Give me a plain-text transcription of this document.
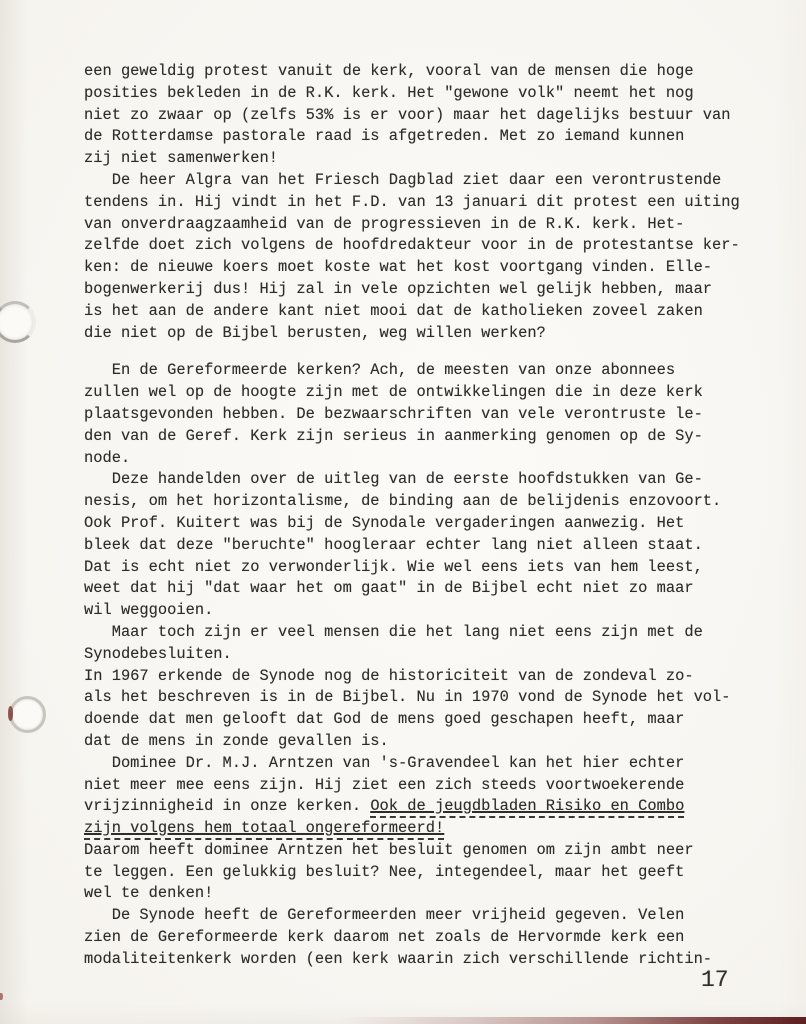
een geweldig protest vanuit de kerk, vooral van de mensen die hoge
posities bekleden in de R.K. kerk. Het "gewone volk" neemt het nog
niet zo zwaar op (zelfs 53% is er voor) maar het dagelijks bestuur van
de Rotterdamse pastorale raad is afgetreden. Met zo iemand kunnen
zij niet samenwerken!
De heer Algra van het Friesch Dagblad ziet daar een verontrustende
tendens in. Hij vindt in het F.D. van 13 januari dit protest een uiting
van onverdraagzaamheid van de progressieven in de R.K. kerk. Het-
zelfde doet zich volgens de hoofdredakteur voor in de protestantse ker-
ken: de nieuwe koers moet koste wat het kost voortgang vinden. Elle-
bogenwerkerij dus! Hij zal in vele opzichten wel gelijk hebben, maar
is het aan de andere kant niet mooi dat de katholieken zoveel zaken
die niet op de Bijbel berusten, weg willen werken?
En de Gereformeerde kerken? Ach, de meesten van onze abonnees
zullen wel op de hoogte zijn met de ontwikkelingen die in deze kerk
plaatsgevonden hebben. De bezwaarschriften van vele verontruste le-
den van de Geref. Kerk zijn serieus in aanmerking genomen op de Sy-
node.
Deze handelden over de uitleg van de eerste hoofdstukken van Ge-
nesis, om het horizontalisme, de binding aan de belijdenis enzovoort.
Ook Prof. Kuitert was bij de Synodale vergaderingen aanwezig. Het
bleek dat deze "beruchte" hoogleraar echter lang niet alleen staat.
Dat is echt niet zo verwonderlijk. Wie wel eens iets van hem leest,
weet dat hij "dat waar het om gaat" in de Bijbel echt niet zo maar
wil weggooien.
Maar toch zijn er veel mensen die het lang niet eens zijn met de
Synodebesluiten.
In 1967 erkende de Synode nog de historiciteit van de zondeval zo-
als het beschreven is in de Bijbel. Nu in 1970 vond de Synode het vol-
doende dat men gelooft dat God de mens goed geschapen heeft, maar
dat de mens in zonde gevallen is.
Dominee Dr. M.J. Arntzen van 's-Gravendeel kan het hier echter
niet meer mee eens zijn. Hij ziet een zich steeds voortwoekerende
vrijzinnigheid in onze kerken. Ook de jeugdbladen Risiko en Combo
zijn volgens hem totaal ongereformeerd!
Daarom heeft dominee Arntzen het besluit genomen om zijn ambt neer
te leggen. Een gelukkig besluit? Nee, integendeel, maar het geeft
wel te denken!
De Synode heeft de Gereformeerden meer vrijheid gegeven. Velen
zien de Gereformeerde kerk daarom net zoals de Hervormde kerk een
modaliteitenkerk worden (een kerk waarin zich verschillende richtin-
17
